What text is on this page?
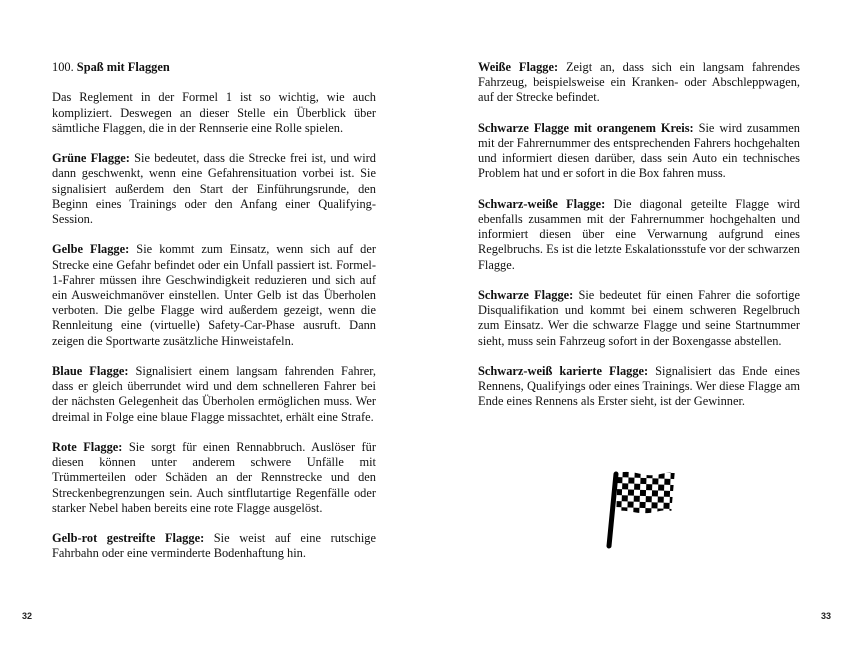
100. Spaß mit Flaggen

Das Reglement in der Formel 1 ist so wichtig, wie auch kompliziert. Deswegen an dieser Stelle ein Überblick über sämtliche Flaggen, die in der Rennserie eine Rolle spielen.

Grüne Flagge: Sie bedeutet, dass die Strecke frei ist, und wird dann geschwenkt, wenn eine Gefahrensituation vorbei ist. Sie signalisiert außerdem den Start der Einführungsrunde, den Beginn eines Trainings oder den Anfang einer Qualifying-Session.

Gelbe Flagge: Sie kommt zum Einsatz, wenn sich auf der Strecke eine Gefahr befindet oder ein Unfall passiert ist. Formel-1-Fahrer müssen ihre Geschwindigkeit reduzieren und sich auf ein Ausweichmanöver einstellen. Unter Gelb ist das Überholen verboten. Die gelbe Flagge wird außerdem gezeigt, wenn die Rennleitung eine (virtuelle) Safety-Car-Phase ausruft. Dann zeigen die Sportwarte zusätzliche Hinweistafeln.

Blaue Flagge: Signalisiert einem langsam fahrenden Fahrer, dass er gleich überrundet wird und dem schnelleren Fahrer bei der nächsten Gelegenheit das Überholen ermöglichen muss. Wer dreimal in Folge eine blaue Flagge missachtet, erhält eine Strafe.

Rote Flagge: Sie sorgt für einen Rennabbruch. Auslöser für diesen können unter anderem schwere Unfälle mit Trümmerteilen oder Schäden an der Rennstrecke und den Streckenbegrenzungen sein. Auch sintflutartige Regenfälle oder starker Nebel haben bereits eine rote Flagge ausgelöst.

Gelb-rot gestreifte Flagge: Sie weist auf eine rutschige Fahrbahn oder eine verminderte Bodenhaftung hin.

32

Weiße Flagge: Zeigt an, dass sich ein langsam fahrendes Fahrzeug, beispielsweise ein Kranken- oder Abschleppwagen, auf der Strecke befindet.

Schwarze Flagge mit orangenem Kreis: Sie wird zusammen mit der Fahrernummer des entsprechenden Fahrers hochgehalten und informiert diesen darüber, dass sein Auto ein technisches Problem hat und er sofort in die Box fahren muss.

Schwarz-weiße Flagge: Die diagonal geteilte Flagge wird ebenfalls zusammen mit der Fahrernummer hochgehalten und informiert diesen über eine Verwarnung aufgrund eines Regelbruchs. Es ist die letzte Eskalationsstufe vor der schwarzen Flagge.

Schwarze Flagge: Sie bedeutet für einen Fahrer die sofortige Disqualifikation und kommt bei einem schweren Regelbruch zum Einsatz. Wer die schwarze Flagge und seine Startnummer sieht, muss sein Fahrzeug sofort in der Boxengasse abstellen.

Schwarz-weiß karierte Flagge: Signalisiert das Ende eines Rennens, Qualifyings oder eines Trainings. Wer diese Flagge am Ende eines Rennens als Erster sieht, ist der Gewinner.

33
